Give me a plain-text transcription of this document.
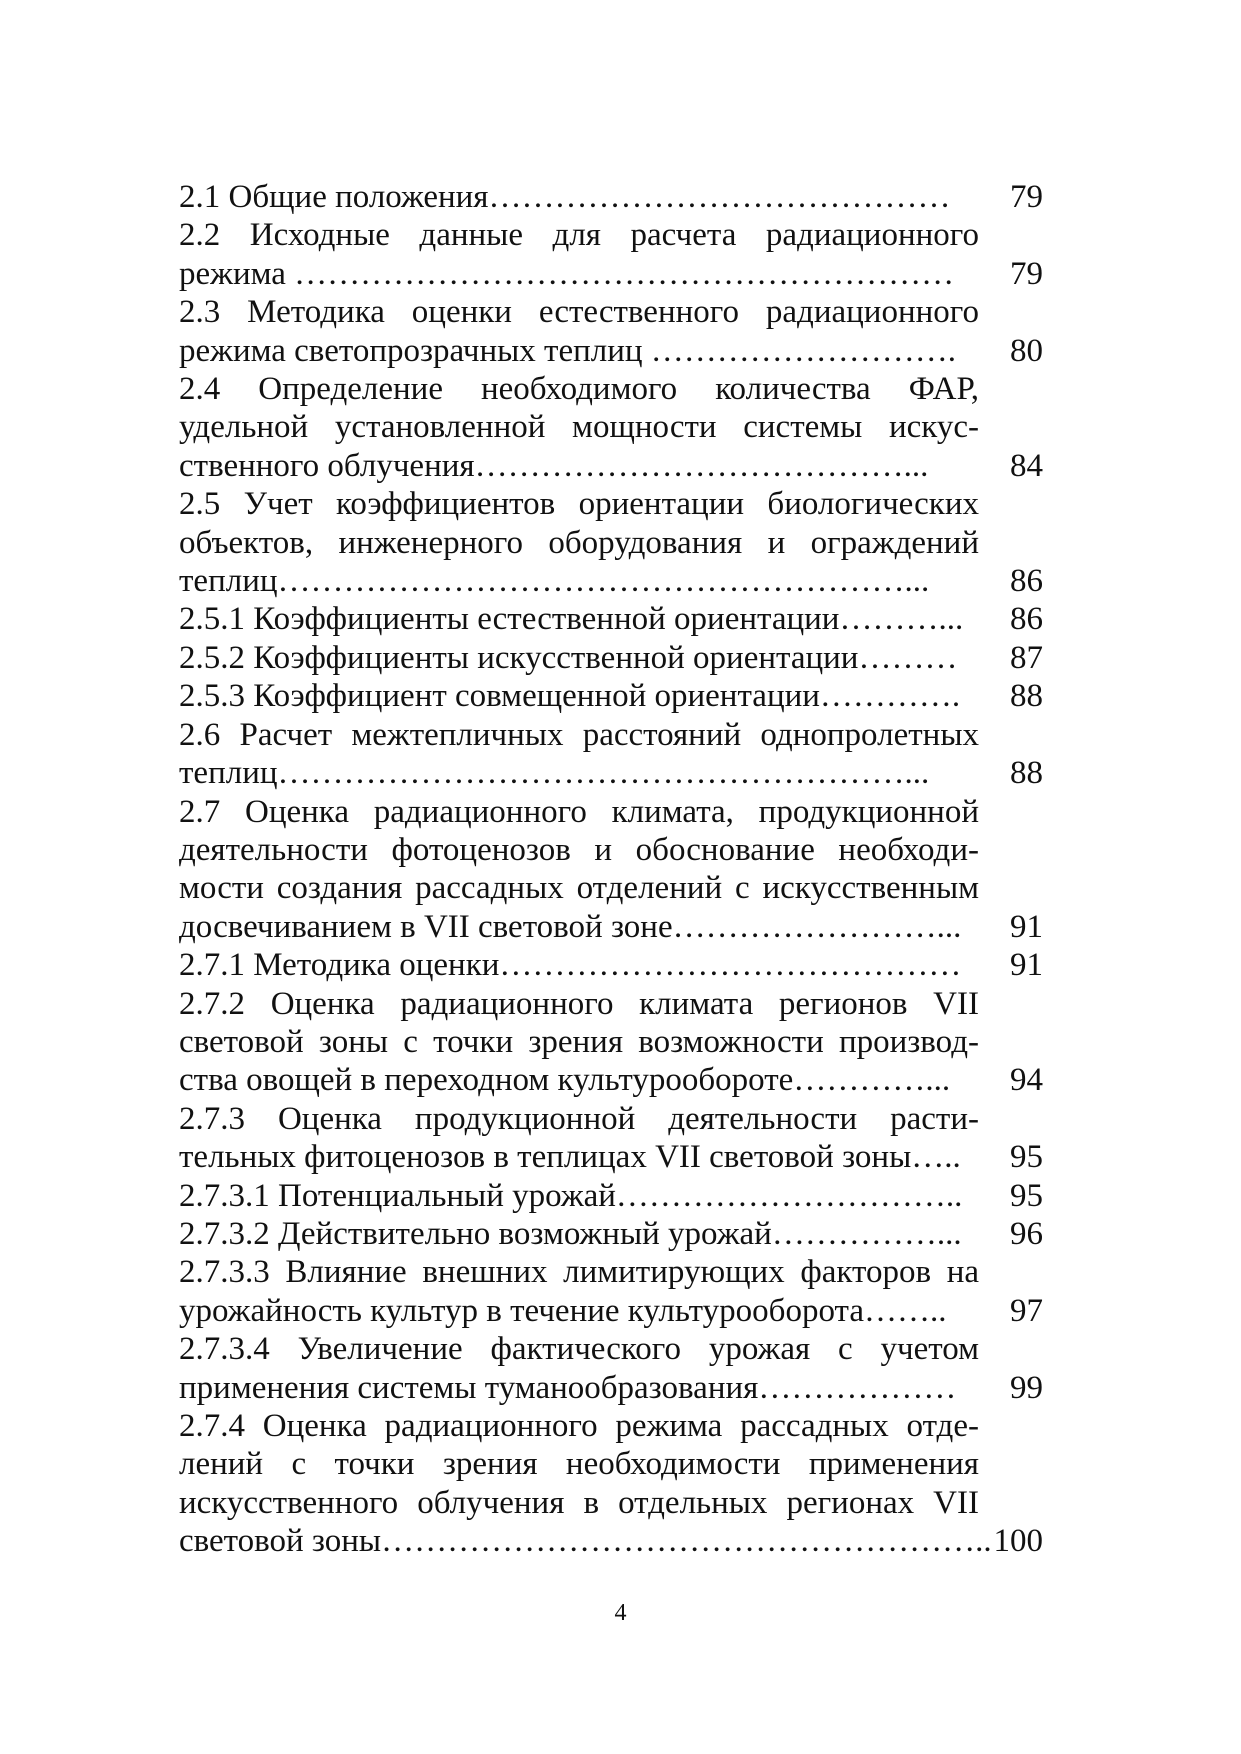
2.1 Общие положения……………………………………	79
2.2 Исходные данные для расчета радиационного
режима ……………………………………………………	79
2.3 Методика оценки естественного радиационного
режима светопрозрачных теплиц ……………………….	80
2.4 Определение необходимого количества ФАР,
удельной установленной мощности системы искус-
ственного облучения…………………………………...	84
2.5 Учет коэффициентов ориентации биологических
объектов, инженерного оборудования и ограждений
теплиц…………………………………………………...	86
2.5.1 Коэффициенты естественной ориентации………...	86
2.5.2 Коэффициенты искусственной ориентации………	87
2.5.3 Коэффициент совмещенной ориентации………….	88
2.6 Расчет межтепличных расстояний однопролетных
теплиц…………………………………………………...	88
2.7 Оценка радиационного климата, продукционной
деятельности фотоценозов и обоснование необходи-
мости создания рассадных отделений с искусственным
досвечиванием в VII световой зоне……………………...	91
2.7.1 Методика оценки……………………………………	91
2.7.2 Оценка радиационного климата регионов VII
световой зоны с точки зрения возможности производ-
ства овощей в переходном культурообороте…………...	94
2.7.3 Оценка продукционной деятельности расти-
тельных фитоценозов в теплицах VII световой зоны…..	95
2.7.3.1 Потенциальный урожай…………………………..	95
2.7.3.2 Действительно возможный урожай……………...	96
2.7.3.3 Влияние внешних лимитирующих факторов на
урожайность культур в течение культурооборота……..	97
2.7.3.4 Увеличение фактического урожая с учетом
применения системы туманообразования………………	99
2.7.4 Оценка радиационного режима рассадных отде-
лений с точки зрения необходимости применения
искусственного облучения в отдельных регионах VII
световой зоны……………………………………………….. 100
4
